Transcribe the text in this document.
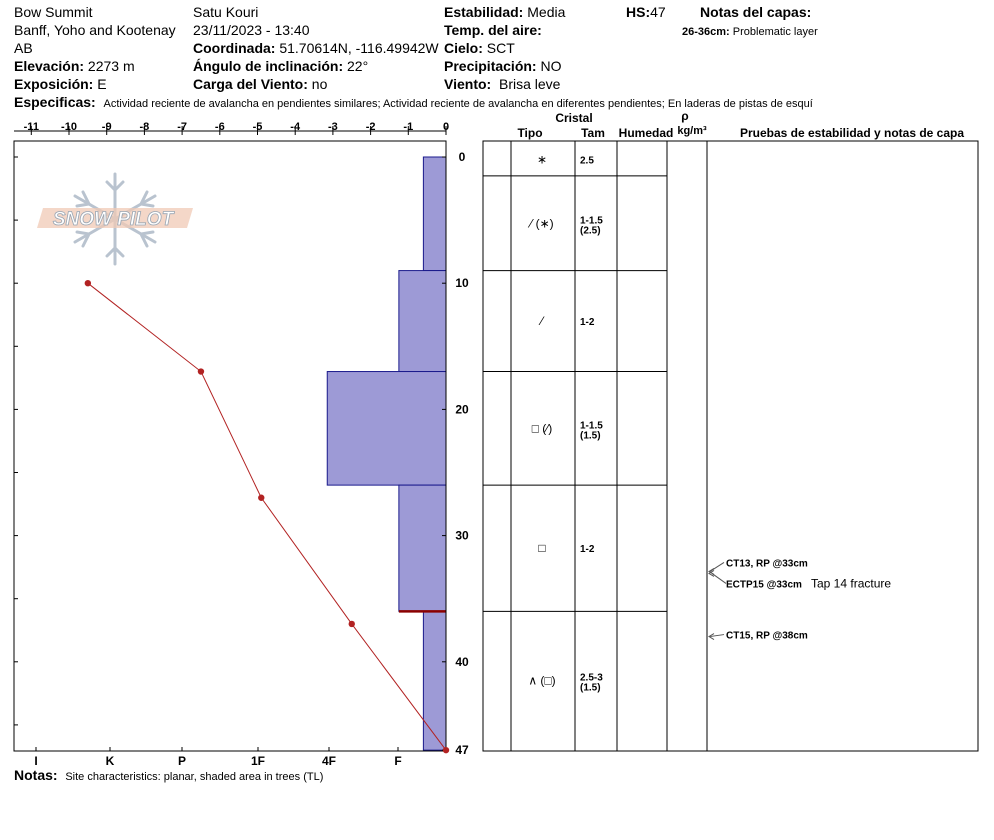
Bow Summit
Banff, Yoho and Kootenay
AB
Elevación: 2273 m
Exposición: E
Satu Kouri
23/11/2023 - 13:40
Coordinada: 51.70614N, -116.49942W
Ángulo de inclinación: 22°
Carga del Viento: no
Estabilidad: Media
Temp. del aire:
Cielo: SCT
Precipitación: NO
Viento: Brisa leve
HS:47 Notas del capas:
26-36cm: Problematic layer
Especificas: Actividad reciente de avalancha en pendientes similares; Actividad reciente de avalancha en diferentes pendientes; En laderas de pistas de esquí
-11 -10 -9	-8	-7	-6	-5	-4	-3	-2	-1	0
0
10
20
30
40
47
I	K	P	1F	4F	F
SNOW PILOT
Cristal
Tipo	Tam Humedad
ρ
kg/m³	Pruebas de estabilidad y notas de capa
∗	2.5
⁄ (∗)	1-1.5
(2.5)
⁄	1-2
□ (⁄)	1-1.5
(1.5)
□	1-2
∧ (□) 2.5-3
(1.5)
CT13, RP @33cm
ECTP15 @33cm Tap 14 fracture
CT15, RP @38cm
Notas: Site characteristics: planar, shaded area in trees (TL)
